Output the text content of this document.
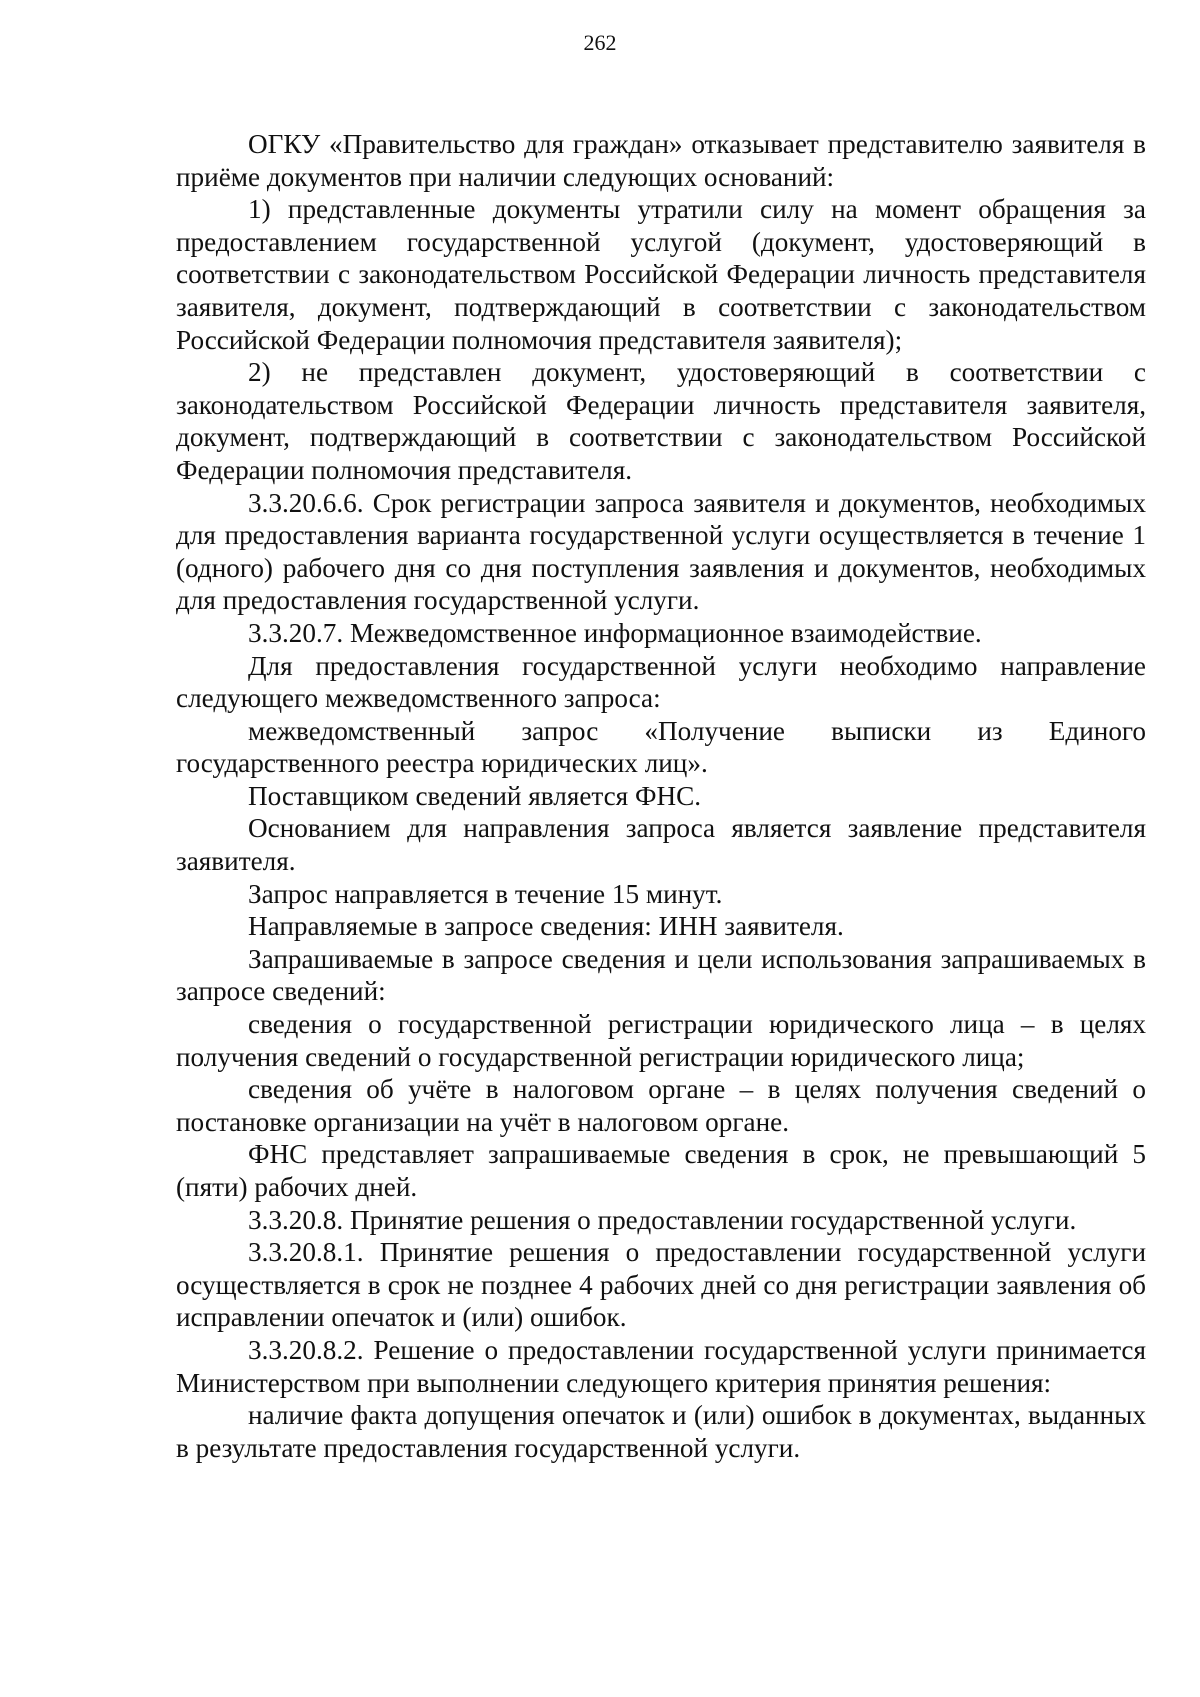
262

ОГКУ «Правительство для граждан» отказывает представителю заявителя в приёме документов при наличии следующих оснований:

1) представленные документы утратили силу на момент обращения за предоставлением государственной услугой (документ, удостоверяющий в соответствии с законодательством Российской Федерации личность представителя заявителя, документ, подтверждающий в соответствии с законодательством Российской Федерации полномочия представителя заявителя);

2) не представлен документ, удостоверяющий в соответствии с законодательством Российской Федерации личность представителя заявителя, документ, подтверждающий в соответствии с законодательством Российской Федерации полномочия представителя.

3.3.20.6.6. Срок регистрации запроса заявителя и документов, необходимых для предоставления варианта государственной услуги осуществляется в течение 1 (одного) рабочего дня со дня поступления заявления и документов, необходимых для предоставления государственной услуги.

3.3.20.7. Межведомственное информационное взаимодействие.

Для предоставления государственной услуги необходимо направление следующего межведомственного запроса:

межведомственный запрос «Получение выписки из Единого государственного реестра юридических лиц».

Поставщиком сведений является ФНС.

Основанием для направления запроса является заявление представителя заявителя.

Запрос направляется в течение 15 минут.

Направляемые в запросе сведения: ИНН заявителя.

Запрашиваемые в запросе сведения и цели использования запрашиваемых в запросе сведений:

сведения о государственной регистрации юридического лица – в целях получения сведений о государственной регистрации юридического лица;

сведения об учёте в налоговом органе – в целях получения сведений о постановке организации на учёт в налоговом органе.

ФНС представляет запрашиваемые сведения в срок, не превышающий 5 (пяти) рабочих дней.

3.3.20.8. Принятие решения о предоставлении государственной услуги.

3.3.20.8.1. Принятие решения о предоставлении государственной услуги осуществляется в срок не позднее 4 рабочих дней со дня регистрации заявления об исправлении опечаток и (или) ошибок.

3.3.20.8.2. Решение о предоставлении государственной услуги принимается Министерством при выполнении следующего критерия принятия решения:

наличие факта допущения опечаток и (или) ошибок в документах, выданных в результате предоставления государственной услуги.
